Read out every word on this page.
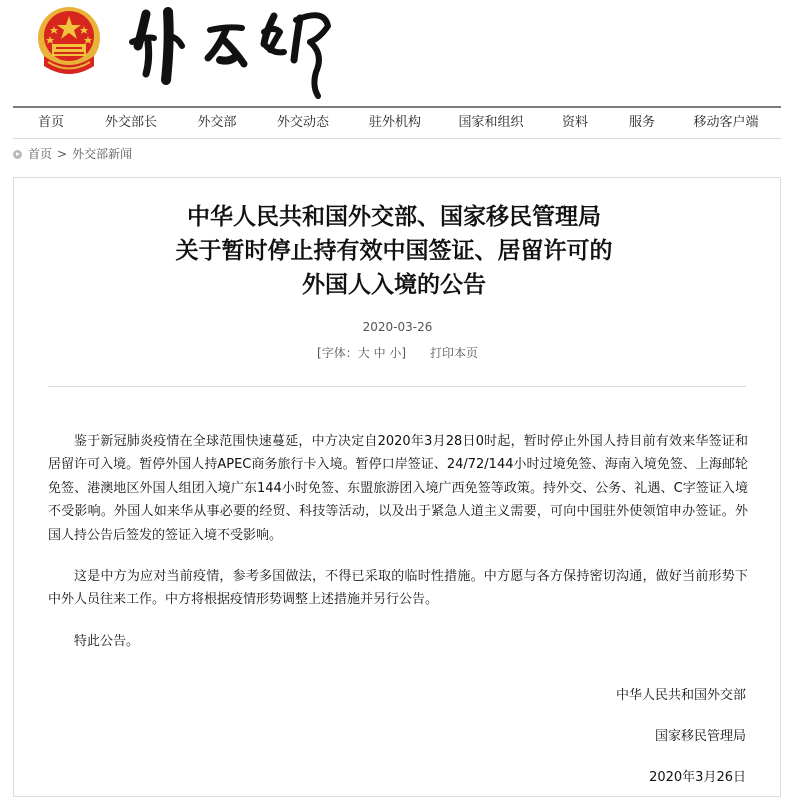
首页	外交部长	外交部	外交动态	驻外机构	国家和组织	资料	服务	移动客户端
首页 > 外交部新闻
中华人民共和国外交部、国家移民管理局
关于暂时停止持有效中国签证、居留许可的
外国人入境的公告
2020-03-26
[字体：大 中 小] 打印本页

鉴于新冠肺炎疫情在全球范围快速蔓延，中方决定自2020年3月28日0时起，暂时停止外国人持目前有效来华签证和居留许可入境。暂停外国人持APEC商务旅行卡入境。暂停口岸签证、24/72/144小时过境免签、海南入境免签、上海邮轮免签、港澳地区外国人组团入境广东144小时免签、东盟旅游团入境广西免签等政策。持外交、公务、礼遇、C字签证入境不受影响。外国人如来华从事必要的经贸、科技等活动，以及出于紧急人道主义需要，可向中国驻外使领馆申办签证。外国人持公告后签发的签证入境不受影响。

这是中方为应对当前疫情，参考多国做法，不得已采取的临时性措施。中方愿与各方保持密切沟通，做好当前形势下中外人员往来工作。中方将根据疫情形势调整上述措施并另行公告。

特此公告。

中华人民共和国外交部
国家移民管理局
2020年3月26日
